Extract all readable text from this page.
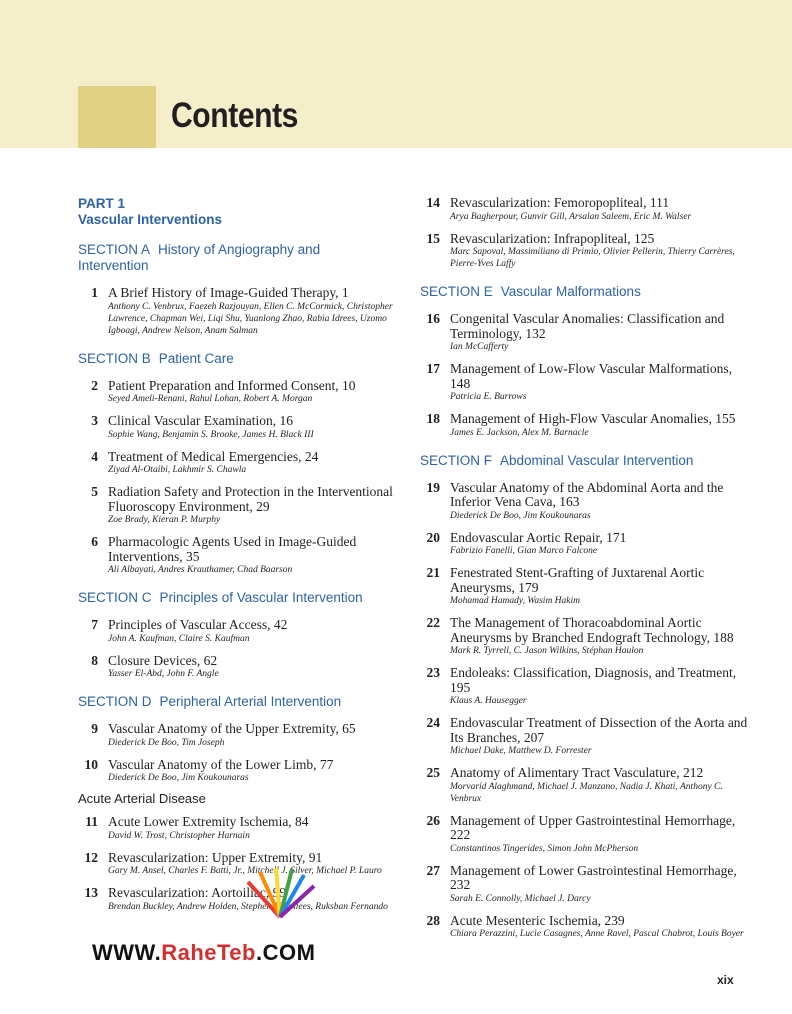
Contents
PART 1
Vascular Interventions
SECTION A History of Angiography and Intervention
1 A Brief History of Image-Guided Therapy, 1
Anthony C. Venbrux, Faezeh Razjouyan, Ellen C. McCormick, Christopher Lawrence, Chapman Wei, Liqi Shu, Yuanlong Zhao, Rabia Idrees, Uzomo Igboagi, Andrew Nelson, Anam Salman
SECTION B Patient Care
2 Patient Preparation and Informed Consent, 10
Seyed Ameli-Renani, Rahul Lohan, Robert A. Morgan
3 Clinical Vascular Examination, 16
Sophie Wang, Benjamin S. Brooke, James H. Black III
4 Treatment of Medical Emergencies, 24
Ziyad Al-Otaibi, Lakhmir S. Chawla
5 Radiation Safety and Protection in the Interventional Fluoroscopy Environment, 29
Zoe Brady, Kieran P. Murphy
6 Pharmacologic Agents Used in Image-Guided Interventions, 35
Ali Albayati, Andres Krauthamer, Chad Baarson
SECTION C Principles of Vascular Intervention
7 Principles of Vascular Access, 42
John A. Kaufman, Claire S. Kaufman
8 Closure Devices, 62
Yasser El-Abd, John F. Angle
SECTION D Peripheral Arterial Intervention
9 Vascular Anatomy of the Upper Extremity, 65
Diederick De Boo, Tim Joseph
10 Vascular Anatomy of the Lower Limb, 77
Diederick De Boo, Jim Koukounaras
Acute Arterial Disease
11 Acute Lower Extremity Ischemia, 84
David W. Trost, Christopher Harnain
12 Revascularization: Upper Extremity, 91
Gary M. Ansel, Charles F. Batti, Jr., Mitchell J. Silver, Michael P. Lauro
13 Revascularization: Aortoiliac, 99
Brendan Buckley, Andrew Holden, Stephen Merrilees, Ruksban Fernando
14 Revascularization: Femoropopliteal, 111
Arya Bagherpour, Gunvir Gill, Arsalan Saleem, Eric M. Walser
15 Revascularization: Infrapopliteal, 125
Marc Sapoval, Massimiliano di Primio, Olivier Pellerin, Thierry Carrères, Pierre-Yves Laffy
SECTION E Vascular Malformations
16 Congenital Vascular Anomalies: Classification and Terminology, 132
Ian McCafferty
17 Management of Low-Flow Vascular Malformations, 148
Patricia E. Burrows
18 Management of High-Flow Vascular Anomalies, 155
James E. Jackson, Alex M. Barnacle
SECTION F Abdominal Vascular Intervention
19 Vascular Anatomy of the Abdominal Aorta and the Inferior Vena Cava, 163
Diederick De Boo, Jim Koukounaras
20 Endovascular Aortic Repair, 171
Fabrizio Fanelli, Gian Marco Falcone
21 Fenestrated Stent-Grafting of Juxtarenal Aortic Aneurysms, 179
Mohamad Hamady, Wasim Hakim
22 The Management of Thoracoabdominal Aortic Aneurysms by Branched Endograft Technology, 188
Mark R. Tyrrell, C. Jason Wilkins, Stéphan Haulon
23 Endoleaks: Classification, Diagnosis, and Treatment, 195
Klaus A. Hausegger
24 Endovascular Treatment of Dissection of the Aorta and Its Branches, 207
Michael Dake, Matthew D. Forrester
25 Anatomy of Alimentary Tract Vasculature, 212
Morvarid Alaghmand, Michael J. Manzano, Nadia J. Khati, Anthony C. Venbrux
26 Management of Upper Gastrointestinal Hemorrhage, 222
Constantinos Tingerides, Simon John McPherson
27 Management of Lower Gastrointestinal Hemorrhage, 232
Sarah E. Connolly, Michael J. Darcy
28 Acute Mesenteric Ischemia, 239
Chiara Perazzini, Lucie Casagnes, Anne Ravel, Pascal Chabrot, Louis Boyer
WWW.RaheTeb.COM
xix
